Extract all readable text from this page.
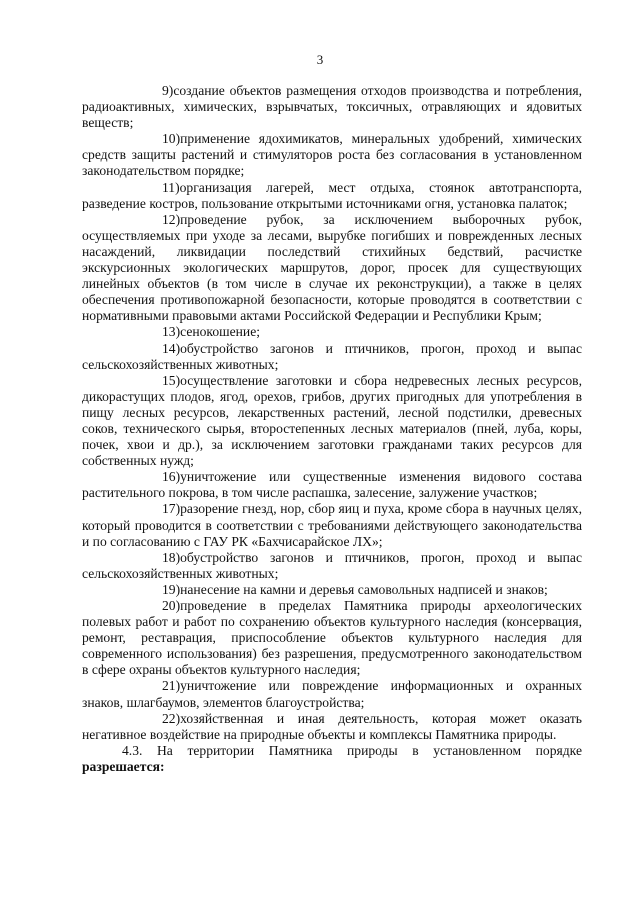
3

9)создание объектов размещения отходов производства и потребления, радиоактивных, химических, взрывчатых, токсичных, отравляющих и ядовитых веществ;

10)применение ядохимикатов, минеральных удобрений, химических средств защиты растений и стимуляторов роста без согласования в установленном законодательством порядке;

11)организация лагерей, мест отдыха, стоянок автотранспорта, разведение костров, пользование открытыми источниками огня, установка палаток;

12)проведение рубок, за исключением выборочных рубок, осуществляемых при уходе за лесами, вырубке погибших и поврежденных лесных насаждений, ликвидации последствий стихийных бедствий, расчистке экскурсионных экологических маршрутов, дорог, просек для существующих линейных объектов (в том числе в случае их реконструкции), а также в целях обеспечения противопожарной безопасности, которые проводятся в соответствии с нормативными правовыми актами Российской Федерации и Республики Крым;

13)сенокошение;

14)обустройство загонов и птичников, прогон, проход и выпас сельскохозяйственных животных;

15)осуществление заготовки и сбора недревесных лесных ресурсов, дикорастущих плодов, ягод, орехов, грибов, других пригодных для употребления в пищу лесных ресурсов, лекарственных растений, лесной подстилки, древесных соков, технического сырья, второстепенных лесных материалов (пней, луба, коры, почек, хвои и др.), за исключением заготовки гражданами таких ресурсов для собственных нужд;

16)уничтожение или существенные изменения видового состава растительного покрова, в том числе распашка, залесение, залужение участков;

17)разорение гнезд, нор, сбор яиц и пуха, кроме сбора в научных целях, который проводится в соответствии с требованиями действующего законодательства и по согласованию с ГАУ РК «Бахчисарайское ЛХ»;

18)обустройство загонов и птичников, прогон, проход и выпас сельскохозяйственных животных;

19)нанесение на камни и деревья самовольных надписей и знаков;

20)проведение в пределах Памятника природы археологических полевых работ и работ по сохранению объектов культурного наследия (консервация, ремонт, реставрация, приспособление объектов культурного наследия для современного использования) без разрешения, предусмотренного законодательством в сфере охраны объектов культурного наследия;

21)уничтожение или повреждение информационных и охранных знаков, шлагбаумов, элементов благоустройства;

22)хозяйственная и иная деятельность, которая может оказать негативное воздействие на природные объекты и комплексы Памятника природы.

4.3. На территории Памятника природы в установленном порядке разрешается:
